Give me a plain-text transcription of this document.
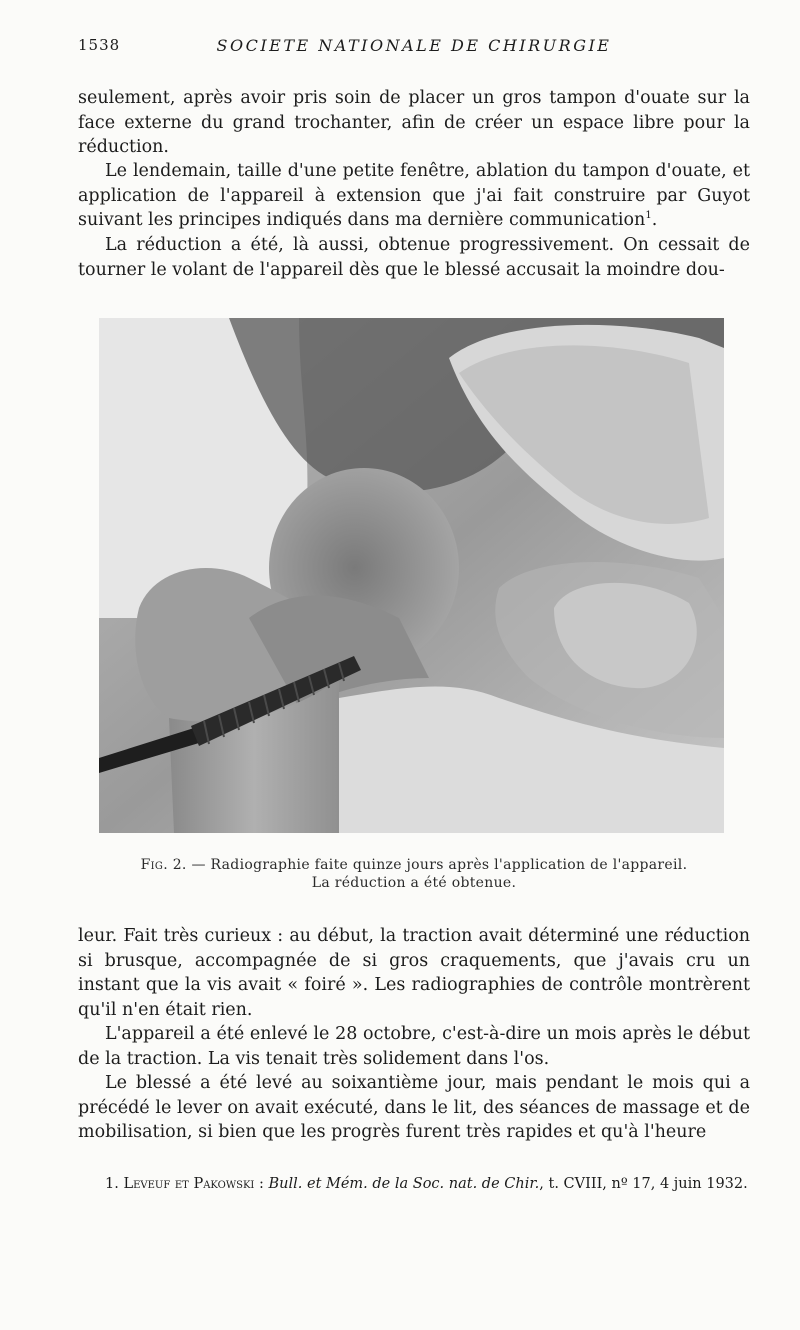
1538	SOCIETE NATIONALE DE CHIRURGIE

seulement, après avoir pris soin de placer un gros tampon d'ouate sur la face externe du grand trochanter, afin de créer un espace libre pour la réduction.

Le lendemain, taille d'une petite fenêtre, ablation du tampon d'ouate, et application de l'appareil à extension que j'ai fait construire par Guyot suivant les principes indiqués dans ma dernière communication$^1$.

La réduction a été, là aussi, obtenue progressivement. On cessait de tourner le volant de l'appareil dès que le blessé accusait la moindre dou-

Fig. 2. — Radiographie faite quinze jours après l'application de l'appareil.
La réduction a été obtenue.

leur. Fait très curieux : au début, la traction avait déterminé une réduction si brusque, accompagnée de si gros craquements, que j'avais cru un instant que la vis avait « foiré ». Les radiographies de contrôle montrèrent qu'il n'en était rien.

L'appareil a été enlevé le 28 octobre, c'est-à-dire un mois après le début de la traction. La vis tenait très solidement dans l'os.

Le blessé a été levé au soixantième jour, mais pendant le mois qui a précédé le lever on avait exécuté, dans le lit, des séances de massage et de mobilisation, si bien que les progrès furent très rapides et qu'à l'heure

1. Leveuf et Pakowski : Bull. et Mém. de la Soc. nat. de Chir., t. CVIII, nº 17, 4 juin 1932.
